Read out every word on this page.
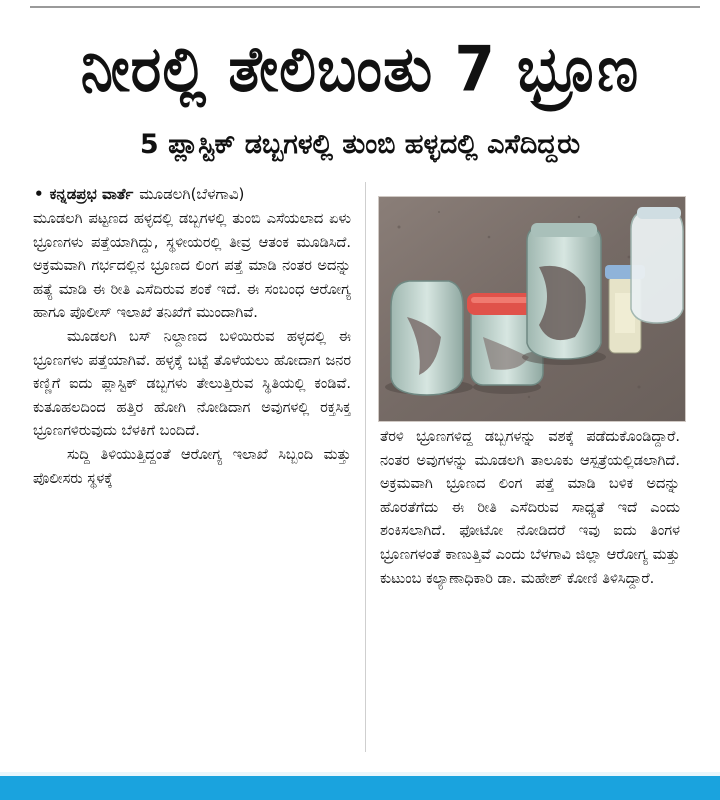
ನೀರಲ್ಲಿ ತೇಲಿಬಂತು 7 ಭ್ರೂಣ
5 ಪ್ಲಾಸ್ಟಿಕ್ ಡಬ್ಬಗಳಲ್ಲಿ ತುಂಬಿ ಹಳ್ಳದಲ್ಲಿ ಎಸೆದಿದ್ದರು
• ಕನ್ನಡಪ್ರಭ ವಾರ್ತೆ ಮೂಡಲಗಿ(ಬೆಳಗಾವಿ)

ಮೂಡಲಗಿ ಪಟ್ಟಣದ ಹಳ್ಳದಲ್ಲಿ ಡಬ್ಬಗಳಲ್ಲಿ ತುಂಬಿ ಎಸೆಯಲಾದ ಏಳು ಭ್ರೂಣಗಳು ಪತ್ತೆಯಾಗಿದ್ದು, ಸ್ಥಳೀಯರಲ್ಲಿ ತೀವ್ರ ಆತಂಕ ಮೂಡಿಸಿದೆ. ಅಕ್ರಮವಾಗಿ ಗರ್ಭದಲ್ಲಿನ ಭ್ರೂಣದ ಲಿಂಗ ಪತ್ತೆ ಮಾಡಿ ನಂತರ ಅದನ್ನು ಹತ್ಯೆ ಮಾಡಿ ಈ ರೀತಿ ಎಸೆದಿರುವ ಶಂಕೆ ಇದೆ. ಈ ಸಂಬಂಧ ಆರೋಗ್ಯ ಹಾಗೂ ಪೊಲೀಸ್ ಇಲಾಖೆ ತನಿಖೆಗೆ ಮುಂದಾಗಿವೆ.

ಮೂಡಲಗಿ ಬಸ್ ನಿಲ್ದಾಣದ ಬಳಿಯಿರುವ ಹಳ್ಳದಲ್ಲಿ ಈ ಭ್ರೂಣಗಳು ಪತ್ತೆಯಾಗಿವೆ. ಹಳ್ಳಕ್ಕೆ ಬಟ್ಟೆ ತೊಳೆಯಲು ಹೋದಾಗ ಜನರ ಕಣ್ಣಿಗೆ ಐದು ಪ್ಲಾಸ್ಟಿಕ್ ಡಬ್ಬಗಳು ತೇಲುತ್ತಿರುವ ಸ್ಥಿತಿಯಲ್ಲಿ ಕಂಡಿವೆ. ಕುತೂಹಲದಿಂದ ಹತ್ತಿರ ಹೋಗಿ ನೋಡಿದಾಗ ಅವುಗಳಲ್ಲಿ ರಕ್ತಸಿಕ್ತ ಭ್ರೂಣಗಳಿರುವುದು ಬೆಳಕಿಗೆ ಬಂದಿದೆ.

ಸುದ್ದಿ ತಿಳಿಯುತ್ತಿದ್ದಂತೆ ಆರೋಗ್ಯ ಇಲಾಖೆ ಸಿಬ್ಬಂದಿ ಮತ್ತು ಪೊಲೀಸರು ಸ್ಥಳಕ್ಕೆ

ತೆರಳಿ ಭ್ರೂಣಗಳಿದ್ದ ಡಬ್ಬಗಳನ್ನು ವಶಕ್ಕೆ ಪಡೆದುಕೊಂಡಿದ್ದಾರೆ. ನಂತರ ಅವುಗಳನ್ನು ಮೂಡಲಗಿ ತಾಲೂಕು ಆಸ್ಪತ್ರೆಯಲ್ಲಿಡಲಾಗಿದೆ. ಅಕ್ರಮವಾಗಿ ಭ್ರೂಣದ ಲಿಂಗ ಪತ್ತೆ ಮಾಡಿ ಬಳಿಕ ಅದನ್ನು ಹೊರತೆಗೆದು ಈ ರೀತಿ ಎಸೆದಿರುವ ಸಾಧ್ಯತೆ ಇದೆ ಎಂದು ಶಂಕಿಸಲಾಗಿದೆ. ಫೋಟೋ ನೋಡಿದರೆ ಇವು ಐದು ತಿಂಗಳ ಭ್ರೂಣಗಳಂತೆ ಕಾಣುತ್ತಿವೆ ಎಂದು ಬೆಳಗಾವಿ ಜಿಲ್ಲಾ ಆರೋಗ್ಯ ಮತ್ತು ಕುಟುಂಬ ಕಲ್ಯಾಣಾಧಿಕಾರಿ ಡಾ. ಮಹೇಶ್ ಕೋಣಿ ತಿಳಿಸಿದ್ದಾರೆ.
